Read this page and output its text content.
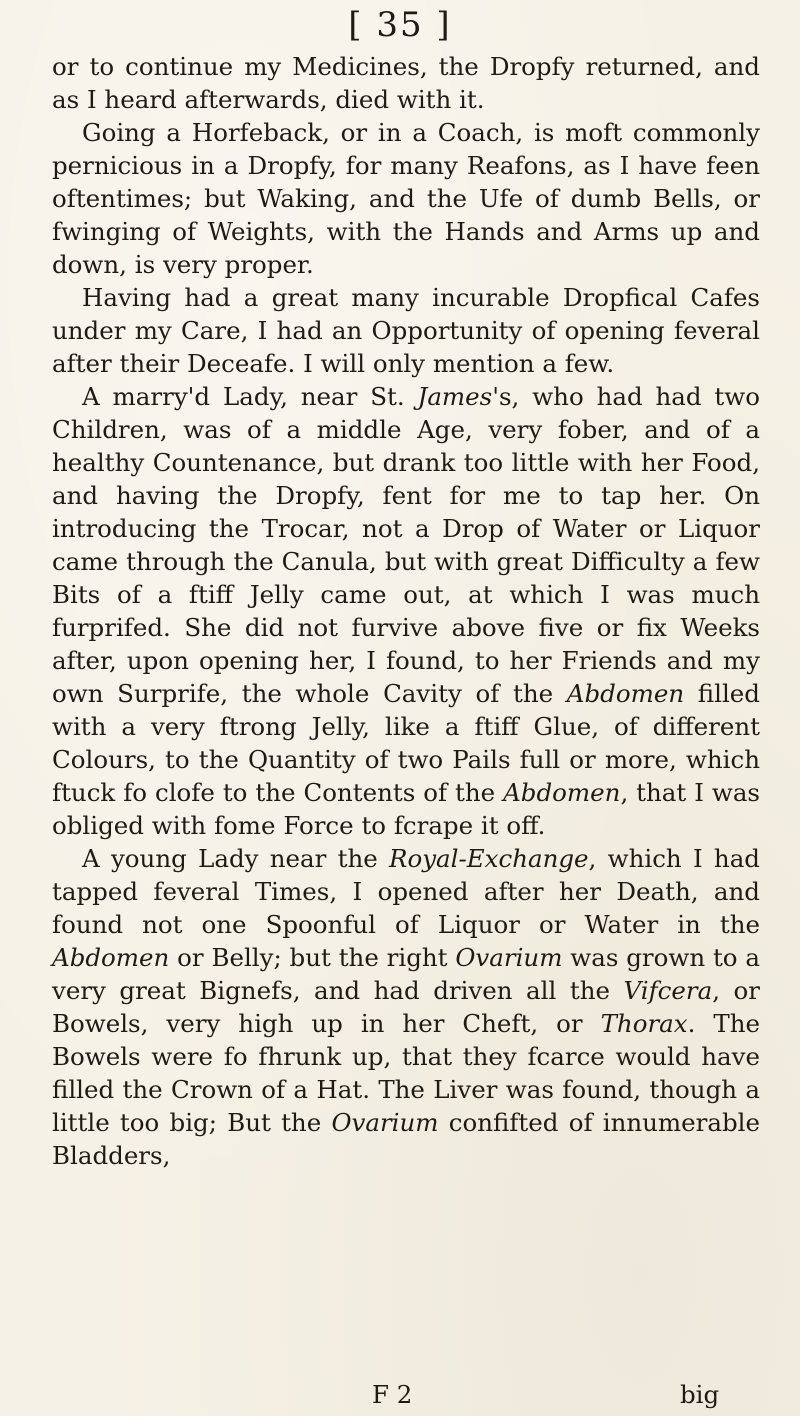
[ 35 ]

or to continue my Medicines, the Dropfy returned, and as I heard afterwards, died with it.

Going a Horfeback, or in a Coach, is moft commonly pernicious in a Dropfy, for many Reafons, as I have feen oftentimes; but Waking, and the Ufe of dumb Bells, or fwinging of Weights, with the Hands and Arms up and down, is very proper.

Having had a great many incurable Dropfical Cafes under my Care, I had an Opportunity of opening feveral after their Deceafe. I will only mention a few.

A marry'd Lady, near St. James's, who had had two Children, was of a middle Age, very fober, and of a healthy Countenance, but drank too little with her Food, and having the Dropfy, fent for me to tap her. On introducing the Trocar, not a Drop of Water or Liquor came through the Canula, but with great Difficulty a few Bits of a ftiff Jelly came out, at which I was much furprifed. She did not furvive above five or fix Weeks after, upon opening her, I found, to her Friends and my own Surprife, the whole Cavity of the Abdomen filled with a very ftrong Jelly, like a ftiff Glue, of different Colours, to the Quantity of two Pails full or more, which ftuck fo clofe to the Contents of the Abdomen, that I was obliged with fome Force to fcrape it off.

A young Lady near the Royal-Exchange, which I had tapped feveral Times, I opened after her Death, and found not one Spoonful of Liquor or Water in the Abdomen or Belly; but the right Ovarium was grown to a very great Bignefs, and had driven all the Vifcera, or Bowels, very high up in her Cheft, or Thorax. The Bowels were fo fhrunk up, that they fcarce would have filled the Crown of a Hat. The Liver was found, though a little too big; But the Ovarium confifted of innumerable Bladders,

F 2	big
